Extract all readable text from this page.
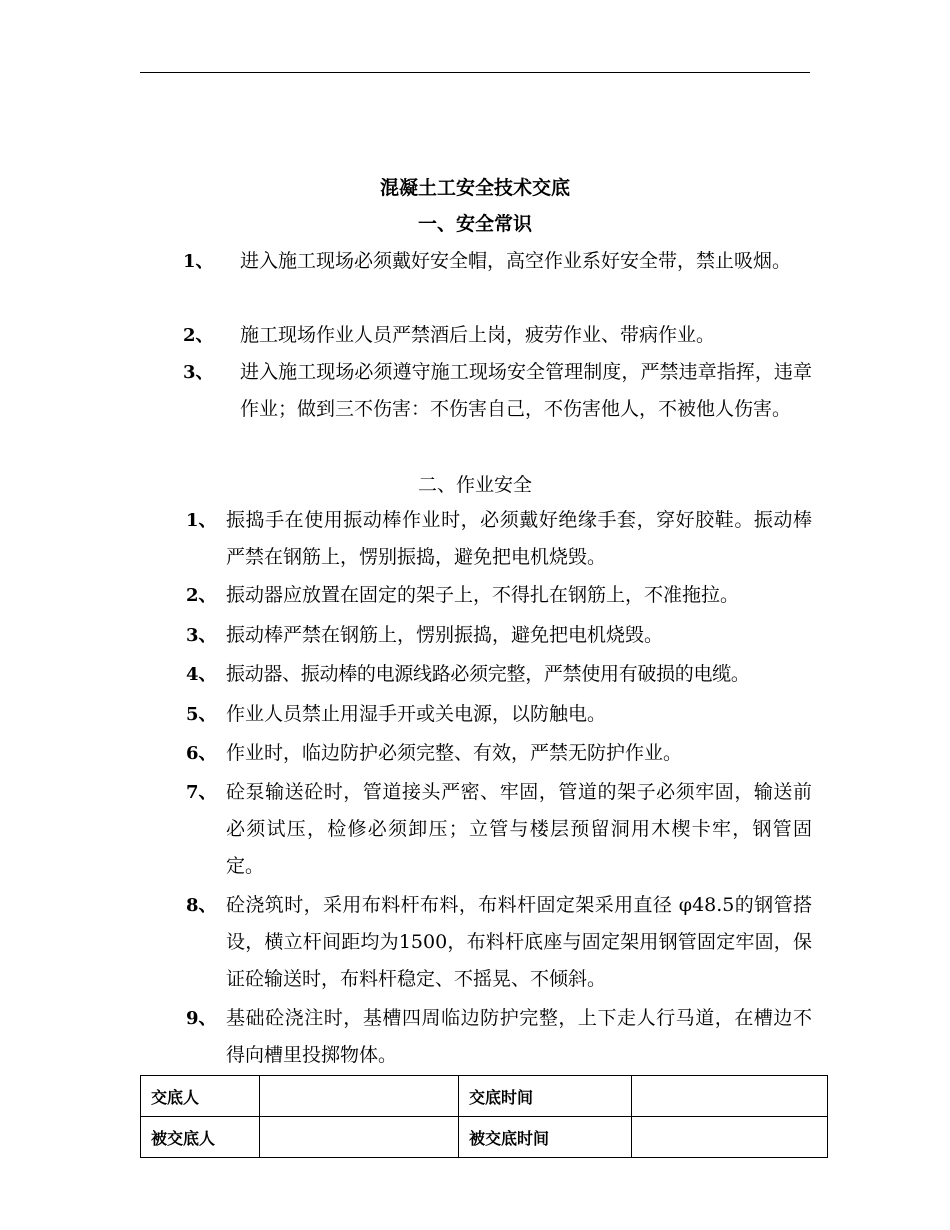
混凝土工安全技术交底
一、安全常识
1、 进入施工现场必须戴好安全帽，高空作业系好安全带，禁止吸烟。
2、 施工现场作业人员严禁酒后上岗，疲劳作业、带病作业。
3、 进入施工现场必须遵守施工现场安全管理制度，严禁违章指挥，违章作业；做到三不伤害：不伤害自己，不伤害他人，不被他人伤害。
二、作业安全
1、 振捣手在使用振动棒作业时，必须戴好绝缘手套，穿好胶鞋。振动棒严禁在钢筋上，愣别振捣，避免把电机烧毁。
2、 振动器应放置在固定的架子上，不得扎在钢筋上，不准拖拉。
3、 振动棒严禁在钢筋上，愣别振捣，避免把电机烧毁。
4、 振动器、振动棒的电源线路必须完整，严禁使用有破损的电缆。
5、 作业人员禁止用湿手开或关电源，以防触电。
6、 作业时，临边防护必须完整、有效，严禁无防护作业。
7、 砼泵输送砼时，管道接头严密、牢固，管道的架子必须牢固，输送前必须试压，检修必须卸压；立管与楼层预留洞用木楔卡牢，钢管固定。
8、 砼浇筑时，采用布料杆布料，布料杆固定架采用直径 φ48.5的钢管搭设，横立杆间距均为1500，布料杆底座与固定架用钢管固定牢固，保证砼输送时，布料杆稳定、不摇晃、不倾斜。
9、 基础砼浇注时，基槽四周临边防护完整，上下走人行马道，在槽边不得向槽里投掷物体。
交底人		交底时间	
被交底人		被交底时间	
